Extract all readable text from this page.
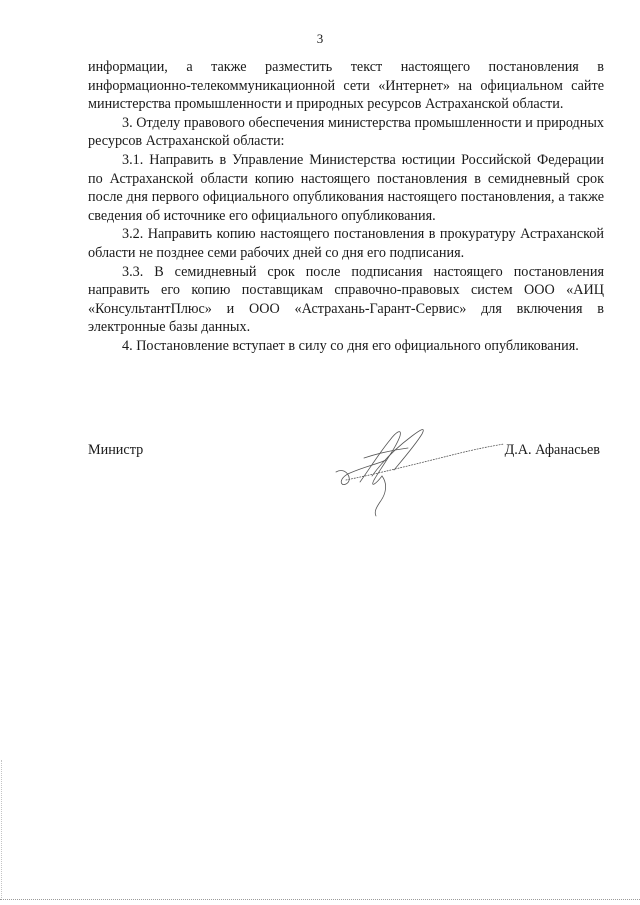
3

информации, а также разместить текст настоящего постановления в информационно-телекоммуникационной сети «Интернет» на официальном сайте министерства промышленности и природных ресурсов Астраханской области.

3. Отделу правового обеспечения министерства промышленности и природных ресурсов Астраханской области:

3.1. Направить в Управление Министерства юстиции Российской Федерации по Астраханской области копию настоящего постановления в семидневный срок после дня первого официального опубликования настоящего постановления, а также сведения об источнике его официального опубликования.

3.2. Направить копию настоящего постановления в прокуратуру Астраханской области не позднее семи рабочих дней со дня его подписания.

3.3. В семидневный срок после подписания настоящего постановления направить его копию поставщикам справочно-правовых систем ООО «АИЦ «КонсультантПлюс» и ООО «Астрахань-Гарант-Сервис» для включения в электронные базы данных.

4. Постановление вступает в силу со дня его официального опубликования.

Министр	Д.А. Афанасьев
